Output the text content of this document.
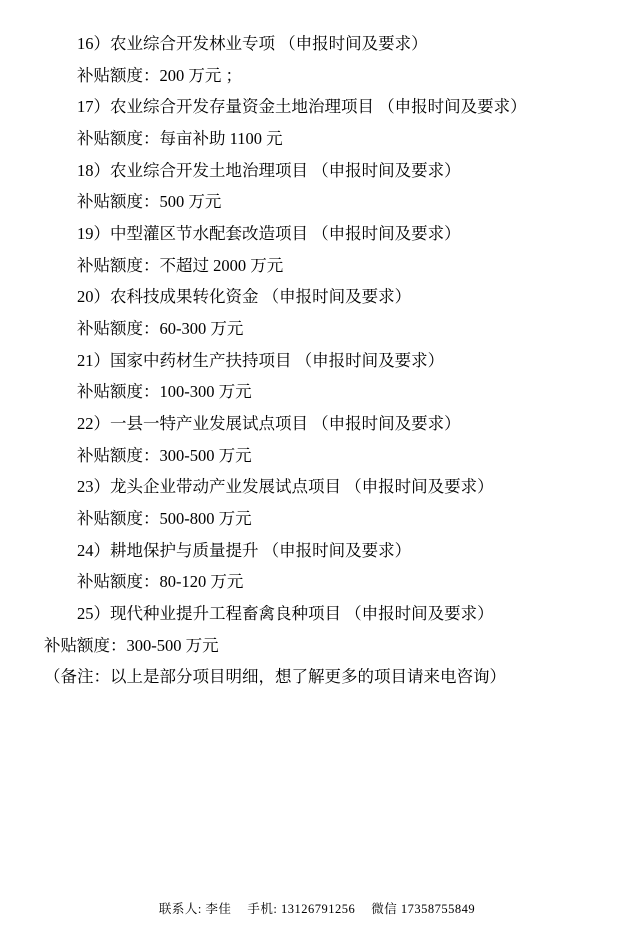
16）农业综合开发林业专项 （申报时间及要求）

补贴额度：200 万元 ；

17）农业综合开发存量资金土地治理项目 （申报时间及要求）

补贴额度：每亩补助 1100 元

18）农业综合开发土地治理项目 （申报时间及要求）

补贴额度：500 万元

19）中型灌区节水配套改造项目 （申报时间及要求）

补贴额度：不超过 2000 万元

20）农科技成果转化资金 （申报时间及要求）

补贴额度：60-300 万元

21）国家中药材生产扶持项目 （申报时间及要求）

补贴额度：100-300 万元

22）一县一特产业发展试点项目 （申报时间及要求）

补贴额度：300-500 万元

23）龙头企业带动产业发展试点项目 （申报时间及要求）

补贴额度：500-800 万元

24）耕地保护与质量提升 （申报时间及要求）

补贴额度：80-120 万元

25）现代种业提升工程畜禽良种项目 （申报时间及要求）

补贴额度：300-500 万元

（备注：以上是部分项目明细，想了解更多的项目请来电咨询）

联系人: 李佳 手机: 13126791256 微信 17358755849
